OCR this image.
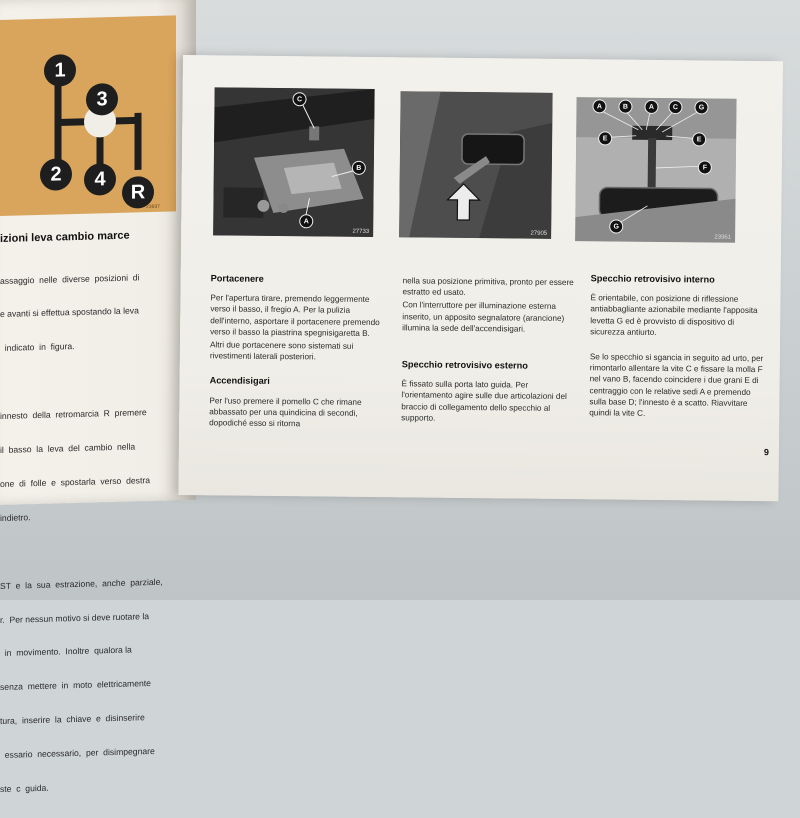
1
3
2	4
R
23697
izioni leva cambio marce

assaggio  nelle  diverse  posizioni  di

e avanti si effettua spostando la leva

indicato  in  figura.

innesto  della  retromarcia  R  premere

il  basso  la  leva  del  cambio  nella

one  di  folle  e  spostarla  verso  destra

indietro.

ST  e  la  sua  estrazione,  anche  parziale,

r.  Per nessun motivo si deve ruotare la

in  movimento.  Inoltre  qualora la

senza  mettere  in  moto  elettricamente

tura,  inserire  la  chiave  e  disinserire

essario  necessario,  per  disimpegnare

ste  c  guida.

C
B
A
27733	27905
A	B	A	C	G
E	E
F
G
23961
Portacenere

Per l'apertura tirare, premendo leggermente verso il basso, il fregio A. Per la pulizia dell'interno, asportare il portacenere premendo verso il basso la piastrina spegnisigaretta B.

Altri due portacenere sono sistemati sui rivestimenti laterali posteriori.

Accendisigari

Per l'uso premere il pomello C che rimane abbassato per una quindicina di secondi, dopodiché esso si ritorna

nella sua posizione primitiva, pronto per essere estratto ed usato.

Con l'interruttore per illuminazione esterna inserito, un apposito segnalatore (arancione) illumina la sede dell'accendisigari.

Specchio retrovisivo esterno

È fissato sulla porta lato guida. Per l'orientamento agire sulle due articolazioni del braccio di collegamento dello specchio al supporto.

Specchio retrovisivo interno

È orientabile, con posizione di riflessione antiabbagliante azionabile mediante l'apposita levetta G ed è provvisto di dispositivo di sicurezza antiurto.

Se lo specchio si sgancia in seguito ad urto, per rimontarlo allentare la vite C e fissare la molla F nel vano B, facendo coincidere i due grani E di centraggio con le relative sedi A e premendo sulla base D; l'innesto è a scatto. Riavvitare quindi la vite C.

9
